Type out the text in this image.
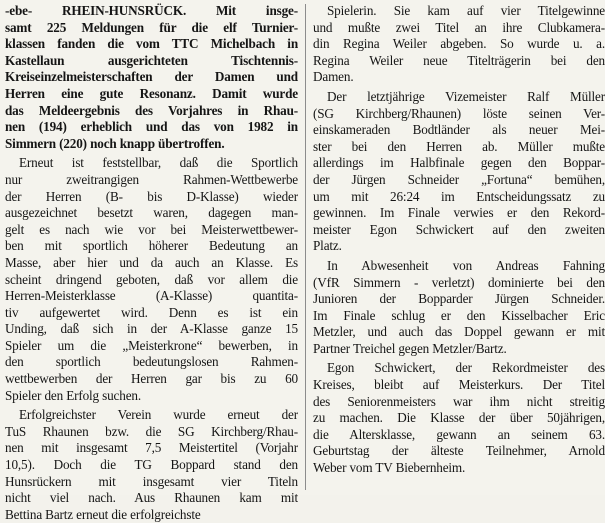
-ebe- RHEIN-HUNSRÜCK. Mit insge-
samt 225 Meldungen für die elf Turnier-
klassen fanden die vom TTC Michelbach in
Kastellaun ausgerichteten Tischtennis-
Kreiseinzelmeisterschaften der Damen und
Herren eine gute Resonanz. Damit wurde
das Meldeergebnis des Vorjahres in Rhau-
nen (194) erheblich und das von 1982 in
Simmern (220) noch knapp übertroffen.
Erneut ist feststellbar, daß die Sportlich
nur zweitrangigen Rahmen-Wettbewerbe
der Herren (B- bis D-Klasse) wieder
ausgezeichnet besetzt waren, dagegen man-
gelt es nach wie vor bei Meisterwettbewer-
ben mit sportlich höherer Bedeutung an
Masse, aber hier und da auch an Klasse. Es
scheint dringend geboten, daß vor allem die
Herren-Meisterklasse (A-Klasse) quantita-
tiv aufgewertet wird. Denn es ist ein
Unding, daß sich in der A-Klasse ganze 15
Spieler um die „Meisterkrone“ bewerben, in
den sportlich bedeutungslosen Rahmen-
wettbewerben der Herren gar bis zu 60
Spieler den Erfolg suchen.
Erfolgreichster Verein wurde erneut der
TuS Rhaunen bzw. die SG Kirchberg/Rhau-
nen mit insgesamt 7,5 Meistertitel (Vorjahr
10,5). Doch die TG Boppard stand den
Hunsrückern mit insgesamt vier Titeln
nicht viel nach. Aus Rhaunen kam mit
Bettina Bartz erneut die erfolgreichste
Spielerin. Sie kam auf vier Titelgewinne
und mußte zwei Titel an ihre Clubkamera-
din Regina Weiler abgeben. So wurde u. a.
Regina Weiler neue Titelträgerin bei den
Damen.
Der letztjährige Vizemeister Ralf Müller
(SG Kirchberg/Rhaunen) löste seinen Ver-
einskameraden Bodtländer als neuer Mei-
ster bei den Herren ab. Müller mußte
allerdings im Halbfinale gegen den Boppar-
der Jürgen Schneider „Fortuna“ bemühen,
um mit 26:24 im Entscheidungssatz zu
gewinnen. Im Finale verwies er den Rekord-
meister Egon Schwickert auf den zweiten
Platz.
In Abwesenheit von Andreas Fahning
(VfR Simmern - verletzt) dominierte bei den
Junioren der Bopparder Jürgen Schneider.
Im Finale schlug er den Kisselbacher Eric
Metzler, und auch das Doppel gewann er mit
Partner Treichel gegen Metzler/Bartz.
Egon Schwickert, der Rekordmeister des
Kreises, bleibt auf Meisterkurs. Der Titel
des Seniorenmeisters war ihm nicht streitig
zu machen. Die Klasse der über 50jährigen,
die Altersklasse, gewann an seinem 63.
Geburtstag der älteste Teilnehmer, Arnold
Weber vom TV Biebernheim.
